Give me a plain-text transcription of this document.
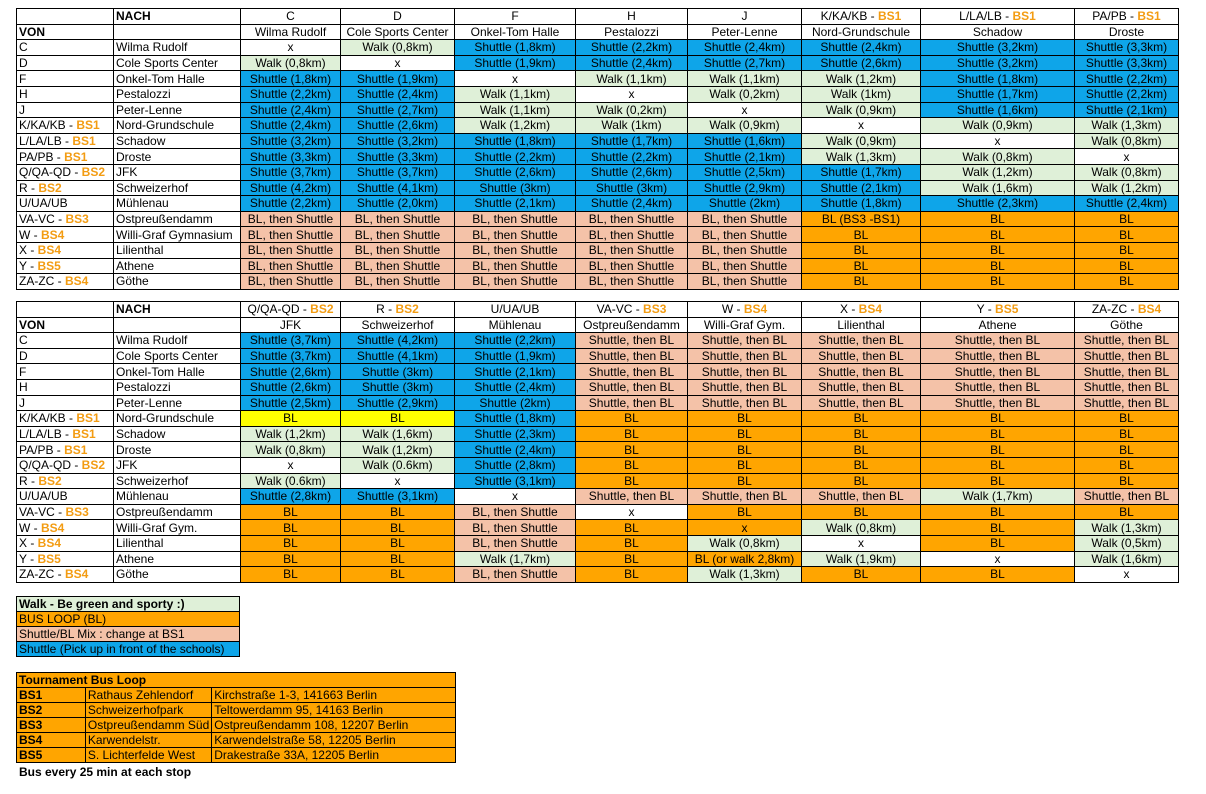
	NACH	C	D	F	H	J	K/KA/KB - BS1	L/LA/LB - BS1	PA/PB - BS1
VON		Wilma Rudolf	Cole Sports Center	Onkel-Tom Halle	Pestalozzi	Peter-Lenne	Nord-Grundschule	Schadow	Droste
C	Wilma Rudolf	x	Walk (0,8km)	Shuttle (1,8km)	Shuttle (2,2km)	Shuttle (2,4km)	Shuttle (2,4km)	Shuttle (3,2km)	Shuttle (3,3km)
D	Cole Sports Center	Walk (0,8km)	x	Shuttle (1,9km)	Shuttle (2,4km)	Shuttle (2,7km)	Shuttle (2,6km)	Shuttle (3,2km)	Shuttle (3,3km)
F	Onkel-Tom Halle	Shuttle (1,8km)	Shuttle (1,9km)	x	Walk (1,1km)	Walk (1,1km)	Walk (1,2km)	Shuttle (1,8km)	Shuttle (2,2km)
H	Pestalozzi	Shuttle (2,2km)	Shuttle (2,4km)	Walk (1,1km)	x	Walk (0,2km)	Walk (1km)	Shuttle (1,7km)	Shuttle (2,2km)
J	Peter-Lenne	Shuttle (2,4km)	Shuttle (2,7km)	Walk (1,1km)	Walk (0,2km)	x	Walk (0,9km)	Shuttle (1,6km)	Shuttle (2,1km)
K/KA/KB - BS1	Nord-Grundschule	Shuttle (2,4km)	Shuttle (2,6km)	Walk (1,2km)	Walk (1km)	Walk (0,9km)	x	Walk (0,9km)	Walk (1,3km)
L/LA/LB - BS1	Schadow	Shuttle (3,2km)	Shuttle (3,2km)	Shuttle (1,8km)	Shuttle (1,7km)	Shuttle (1,6km)	Walk (0,9km)	x	Walk (0,8km)
PA/PB - BS1	Droste	Shuttle (3,3km)	Shuttle (3,3km)	Shuttle (2,2km)	Shuttle (2,2km)	Shuttle (2,1km)	Walk (1,3km)	Walk (0,8km)	x
Q/QA-QD - BS2	JFK	Shuttle (3,7km)	Shuttle (3,7km)	Shuttle (2,6km)	Shuttle (2,6km)	Shuttle (2,5km)	Shuttle (1,7km)	Walk (1,2km)	Walk (0,8km)
R - BS2	Schweizerhof	Shuttle (4,2km)	Shuttle (4,1km)	Shuttle (3km)	Shuttle (3km)	Shuttle (2,9km)	Shuttle (2,1km)	Walk (1,6km)	Walk (1,2km)
U/UA/UB	Mühlenau	Shuttle (2,2km)	Shuttle (2,0km)	Shuttle (2,1km)	Shuttle (2,4km)	Shuttle (2km)	Shuttle (1,8km)	Shuttle (2,3km)	Shuttle (2,4km)
VA-VC - BS3	Ostpreußendamm	BL, then Shuttle	BL, then Shuttle	BL, then Shuttle	BL, then Shuttle	BL, then Shuttle	BL (BS3 -BS1)	BL	BL
W - BS4	Willi-Graf Gymnasium	BL, then Shuttle	BL, then Shuttle	BL, then Shuttle	BL, then Shuttle	BL, then Shuttle	BL	BL	BL
X - BS4	Lilienthal	BL, then Shuttle	BL, then Shuttle	BL, then Shuttle	BL, then Shuttle	BL, then Shuttle	BL	BL	BL
Y - BS5	Athene	BL, then Shuttle	BL, then Shuttle	BL, then Shuttle	BL, then Shuttle	BL, then Shuttle	BL	BL	BL
ZA-ZC - BS4	Göthe	BL, then Shuttle	BL, then Shuttle	BL, then Shuttle	BL, then Shuttle	BL, then Shuttle	BL	BL	BL
	NACH	Q/QA-QD - BS2	R - BS2	U/UA/UB	VA-VC - BS3	W - BS4	X - BS4	Y - BS5	ZA-ZC - BS4
VON		JFK	Schweizerhof	Mühlenau	Ostpreußendamm	Willi-Graf Gym.	Lilienthal	Athene	Göthe
C	Wilma Rudolf	Shuttle (3,7km)	Shuttle (4,2km)	Shuttle (2,2km)	Shuttle, then BL	Shuttle, then BL	Shuttle, then BL	Shuttle, then BL	Shuttle, then BL
D	Cole Sports Center	Shuttle (3,7km)	Shuttle (4,1km)	Shuttle (1,9km)	Shuttle, then BL	Shuttle, then BL	Shuttle, then BL	Shuttle, then BL	Shuttle, then BL
F	Onkel-Tom Halle	Shuttle (2,6km)	Shuttle (3km)	Shuttle (2,1km)	Shuttle, then BL	Shuttle, then BL	Shuttle, then BL	Shuttle, then BL	Shuttle, then BL
H	Pestalozzi	Shuttle (2,6km)	Shuttle (3km)	Shuttle (2,4km)	Shuttle, then BL	Shuttle, then BL	Shuttle, then BL	Shuttle, then BL	Shuttle, then BL
J	Peter-Lenne	Shuttle (2,5km)	Shuttle (2,9km)	Shuttle (2km)	Shuttle, then BL	Shuttle, then BL	Shuttle, then BL	Shuttle, then BL	Shuttle, then BL
K/KA/KB - BS1	Nord-Grundschule	BL	BL	Shuttle (1,8km)	BL	BL	BL	BL	BL
L/LA/LB - BS1	Schadow	Walk (1,2km)	Walk (1,6km)	Shuttle (2,3km)	BL	BL	BL	BL	BL
PA/PB - BS1	Droste	Walk (0,8km)	Walk (1,2km)	Shuttle (2,4km)	BL	BL	BL	BL	BL
Q/QA-QD - BS2	JFK	x	Walk (0.6km)	Shuttle (2,8km)	BL	BL	BL	BL	BL
R - BS2	Schweizerhof	Walk (0.6km)	x	Shuttle (3,1km)	BL	BL	BL	BL	BL
U/UA/UB	Mühlenau	Shuttle (2,8km)	Shuttle (3,1km)	x	Shuttle, then BL	Shuttle, then BL	Shuttle, then BL	Walk (1,7km)	Shuttle, then BL
VA-VC - BS3	Ostpreußendamm	BL	BL	BL, then Shuttle	x	BL	BL	BL	BL
W - BS4	Willi-Graf Gym.	BL	BL	BL, then Shuttle	BL	x	Walk (0,8km)	BL	Walk (1,3km)
X - BS4	Lilienthal	BL	BL	BL, then Shuttle	BL	Walk (0,8km)	x	BL	Walk (0,5km)
Y - BS5	Athene	BL	BL	Walk (1,7km)	BL	BL (or walk 2,8km)	Walk (1,9km)	x	Walk (1,6km)
ZA-ZC - BS4	Göthe	BL	BL	BL, then Shuttle	BL	Walk (1,3km)	BL	BL	x
Walk - Be green and sporty :)
BUS LOOP (BL)
Shuttle/BL Mix : change at BS1
Shuttle (Pick up in front of the schools)
Tournament Bus Loop		
BS1	Rathaus Zehlendorf	Kirchstraße 1-3, 141663 Berlin
BS2	Schweizerhofpark	Teltowerdamm 95, 14163 Berlin
BS3	Ostpreußendamm Süd	Ostpreußendamm 108, 12207 Berlin
BS4	Karwendelstr.	Karwendelstraße 58, 12205 Berlin
BS5	S. Lichterfelde West	Drakestraße 33A, 12205 Berlin
Bus every 25 min at each stop
